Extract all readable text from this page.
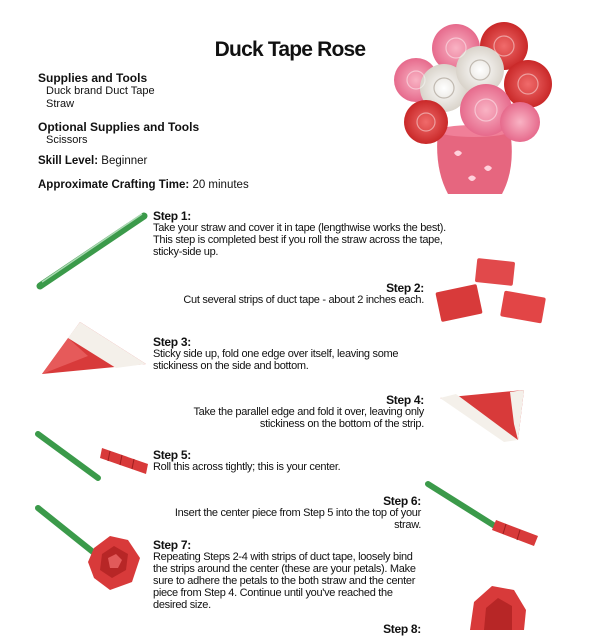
Duck Tape Rose
Supplies and Tools
Duck brand Duct Tape
Straw
Optional Supplies and Tools
Scissors
Skill Level: Beginner
Approximate Crafting Time: 20 minutes
Step 1:
Take your straw and cover it in tape (lengthwise works the best). This step is completed best if you roll the straw across the tape, sticky-side up.
Step 2:
Cut several strips of duct tape - about 2 inches each.
Step 3:
Sticky side up, fold one edge over itself, leaving some stickiness on the side and bottom.
Step 4:
Take the parallel edge and fold it over, leaving only stickiness on the bottom of the strip.
Step 5:
Roll this across tightly; this is your center.
Step 6:
Insert the center piece from Step 5 into the top of your straw.
Step 7:
Repeating Steps 2-4 with strips of duct tape, loosely bind the strips around the center (these are your petals). Make sure to adhere the petals to the both straw and the center piece from Step 4. Continue until you've reached the desired size.
Step 8:
